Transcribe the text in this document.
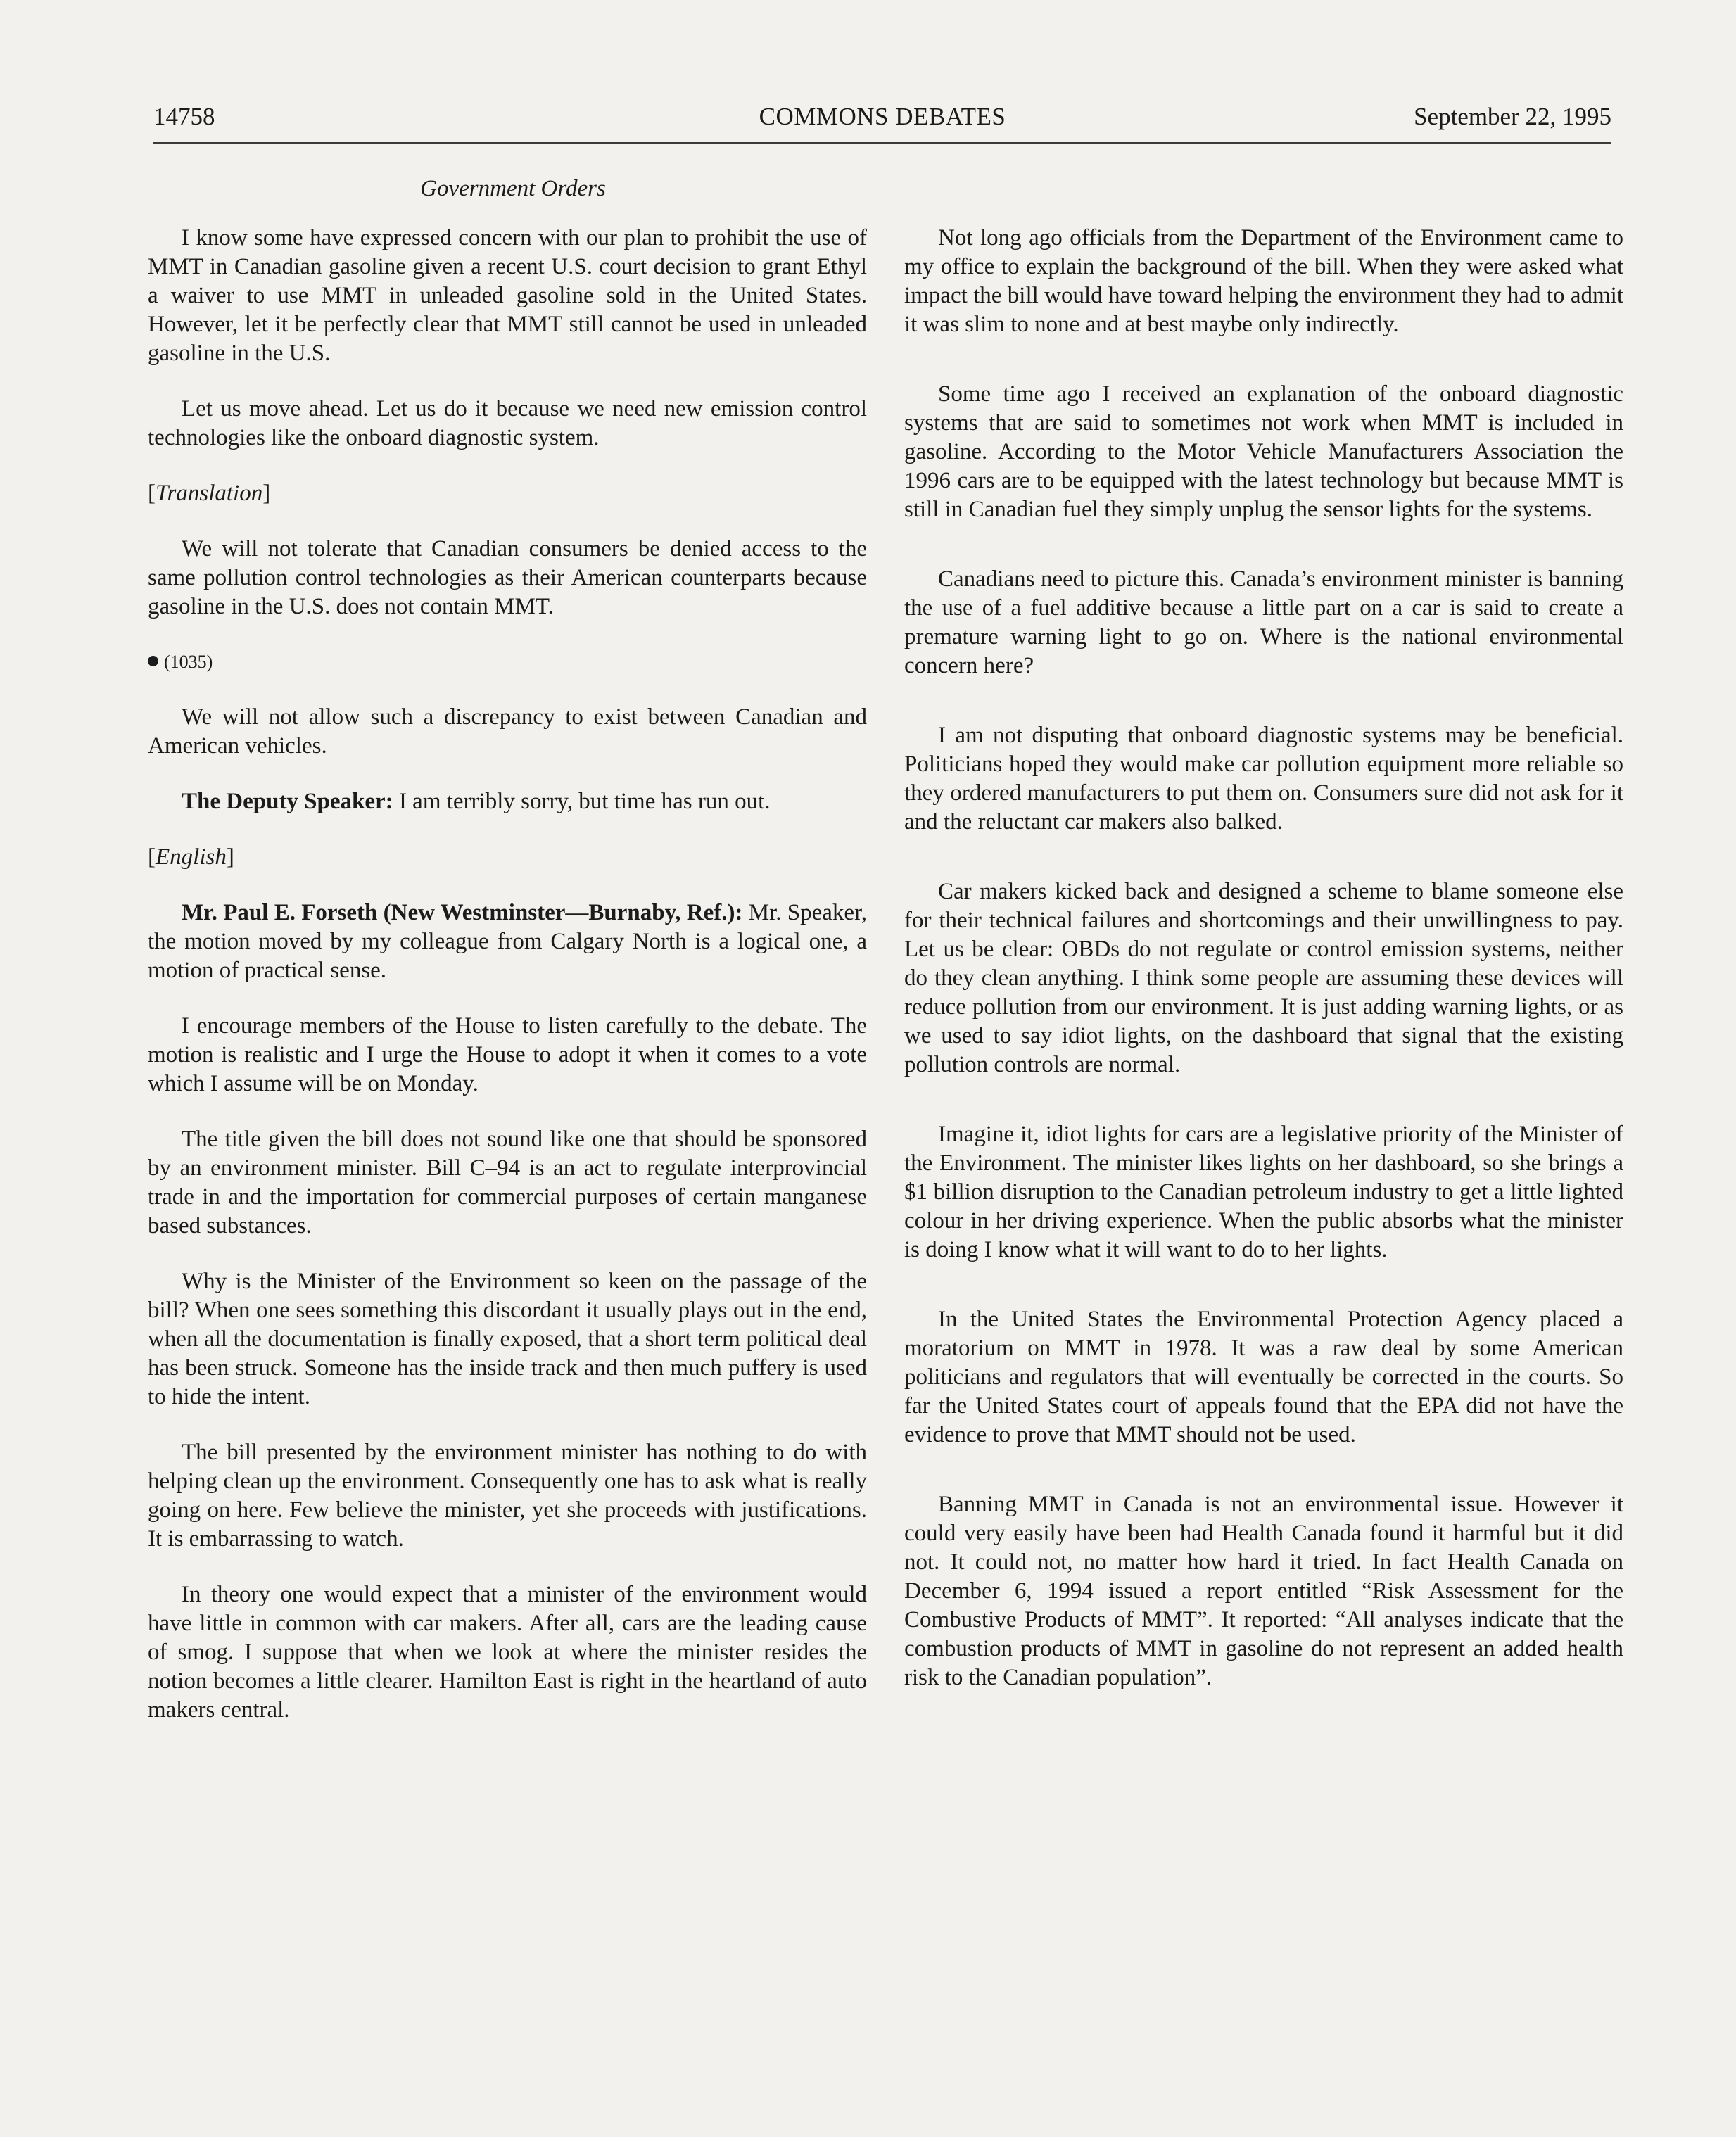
14758	COMMONS DEBATES	September 22, 1995
Government Orders

I know some have expressed concern with our plan to prohibit the use of MMT in Canadian gasoline given a recent U.S. court decision to grant Ethyl a waiver to use MMT in unleaded gasoline sold in the United States. However, let it be perfectly clear that MMT still cannot be used in unleaded gasoline in the U.S.

Let us move ahead. Let us do it because we need new emission control technologies like the onboard diagnostic system.

[Translation]

We will not tolerate that Canadian consumers be denied access to the same pollution control technologies as their American counterparts because gasoline in the U.S. does not contain MMT.

(1035)

We will not allow such a discrepancy to exist between Canadian and American vehicles.

The Deputy Speaker: I am terribly sorry, but time has run out.

[English]

Mr. Paul E. Forseth (New Westminster—Burnaby, Ref.): Mr. Speaker, the motion moved by my colleague from Calgary North is a logical one, a motion of practical sense.

I encourage members of the House to listen carefully to the debate. The motion is realistic and I urge the House to adopt it when it comes to a vote which I assume will be on Monday.

The title given the bill does not sound like one that should be sponsored by an environment minister. Bill C–94 is an act to regulate interprovincial trade in and the importation for commercial purposes of certain manganese based substances.

Why is the Minister of the Environment so keen on the passage of the bill? When one sees something this discordant it usually plays out in the end, when all the documentation is finally exposed, that a short term political deal has been struck. Someone has the inside track and then much puffery is used to hide the intent.

The bill presented by the environment minister has nothing to do with helping clean up the environment. Consequently one has to ask what is really going on here. Few believe the minister, yet she proceeds with justifications. It is embarrassing to watch.

In theory one would expect that a minister of the environment would have little in common with car makers. After all, cars are the leading cause of smog. I suppose that when we look at where the minister resides the notion becomes a little clearer. Hamilton East is right in the heartland of auto makers central.

Not long ago officials from the Department of the Environment came to my office to explain the background of the bill. When they were asked what impact the bill would have toward helping the environment they had to admit it was slim to none and at best maybe only indirectly.

Some time ago I received an explanation of the onboard diagnostic systems that are said to sometimes not work when MMT is included in gasoline. According to the Motor Vehicle Manufacturers Association the 1996 cars are to be equipped with the latest technology but because MMT is still in Canadian fuel they simply unplug the sensor lights for the systems.

Canadians need to picture this. Canada’s environment minister is banning the use of a fuel additive because a little part on a car is said to create a premature warning light to go on. Where is the national environmental concern here?

I am not disputing that onboard diagnostic systems may be beneficial. Politicians hoped they would make car pollution equipment more reliable so they ordered manufacturers to put them on. Consumers sure did not ask for it and the reluctant car makers also balked.

Car makers kicked back and designed a scheme to blame someone else for their technical failures and shortcomings and their unwillingness to pay. Let us be clear: OBDs do not regulate or control emission systems, neither do they clean anything. I think some people are assuming these devices will reduce pollution from our environment. It is just adding warning lights, or as we used to say idiot lights, on the dashboard that signal that the existing pollution controls are normal.

Imagine it, idiot lights for cars are a legislative priority of the Minister of the Environment. The minister likes lights on her dashboard, so she brings a $1 billion disruption to the Canadian petroleum industry to get a little lighted colour in her driving experience. When the public absorbs what the minister is doing I know what it will want to do to her lights.

In the United States the Environmental Protection Agency placed a moratorium on MMT in 1978. It was a raw deal by some American politicians and regulators that will eventually be corrected in the courts. So far the United States court of appeals found that the EPA did not have the evidence to prove that MMT should not be used.

Banning MMT in Canada is not an environmental issue. However it could very easily have been had Health Canada found it harmful but it did not. It could not, no matter how hard it tried. In fact Health Canada on December 6, 1994 issued a report entitled “Risk Assessment for the Combustive Products of MMT”. It reported: “All analyses indicate that the combustion products of MMT in gasoline do not represent an added health risk to the Canadian population”.
